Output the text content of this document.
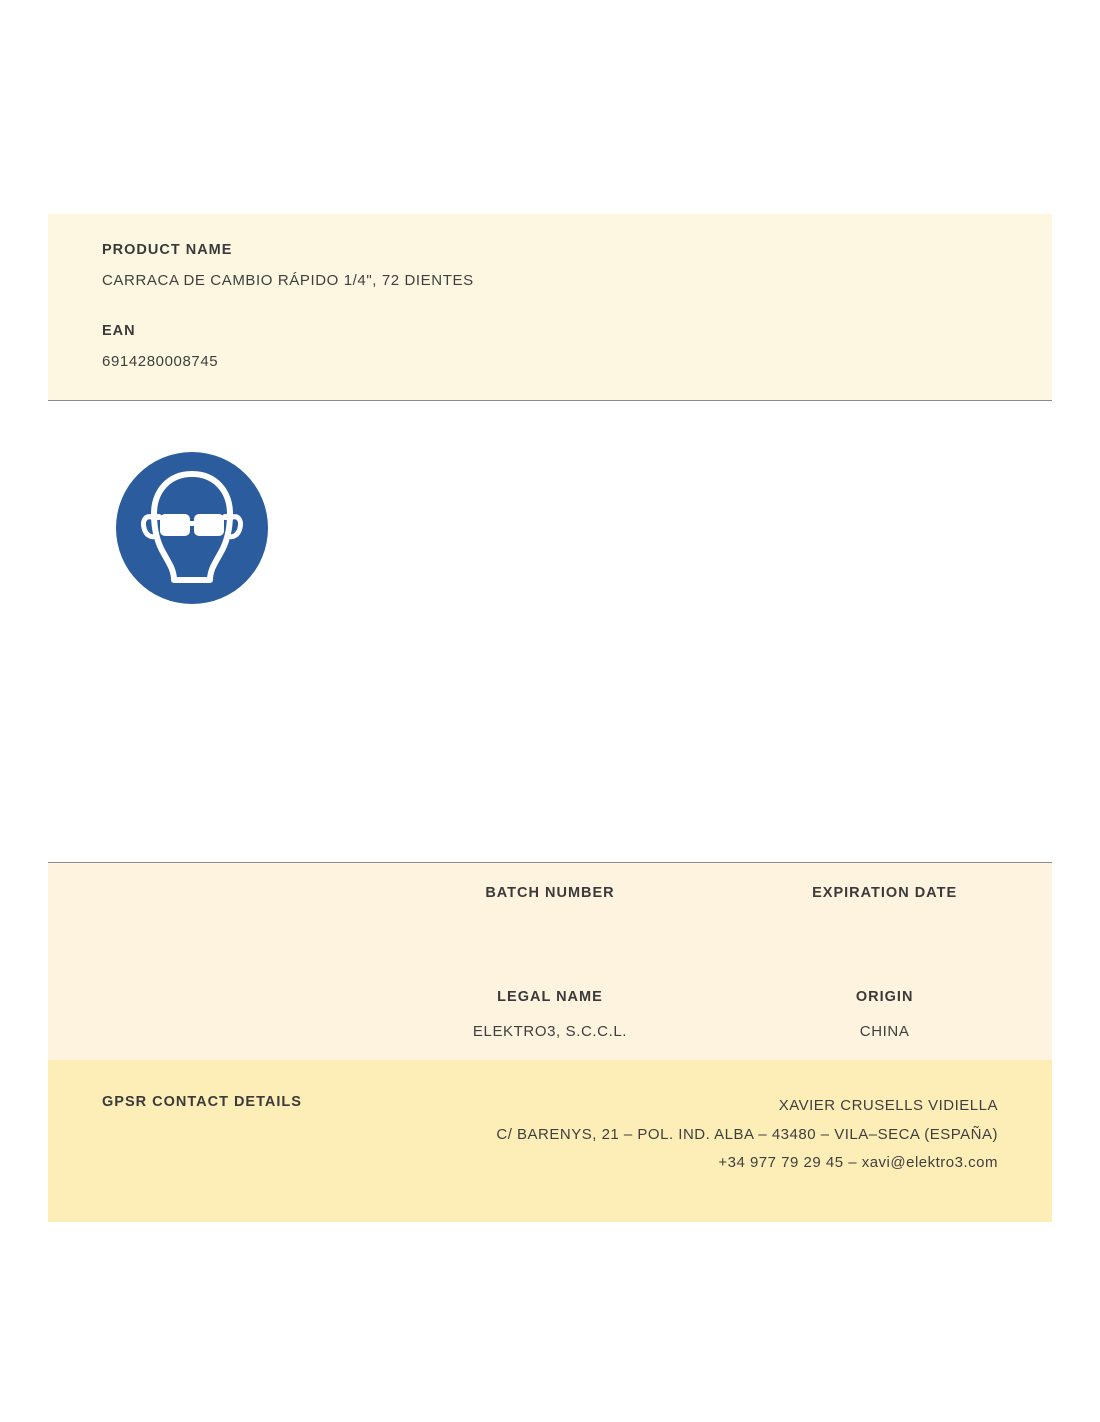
PRODUCT NAME

CARRACA DE CAMBIO RÁPIDO 1/4", 72 DIENTES

EAN

6914280008745

BATCH NUMBER	EXPIRATION DATE

LEGAL NAME

ELEKTRO3, S.C.C.L.

ORIGIN

CHINA

GPSR CONTACT DETAILS	XAVIER CRUSELLS VIDIELLA
C/ BARENYS, 21 – POL. IND. ALBA – 43480 – VILA–SECA (ESPAÑA)
+34 977 79 29 45 – xavi@elektro3.com
